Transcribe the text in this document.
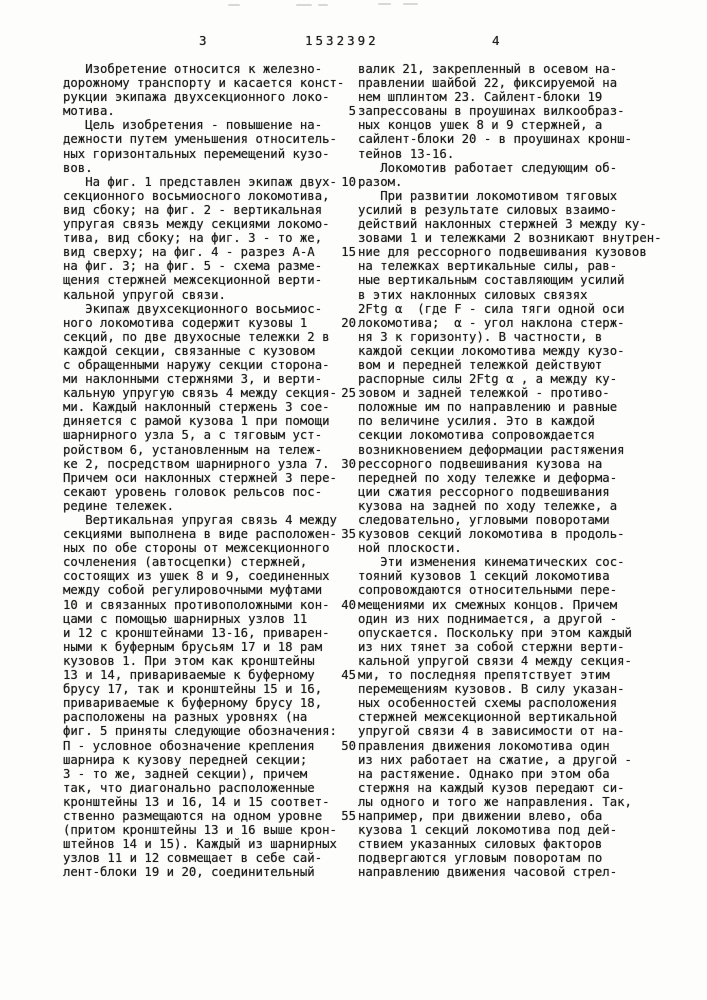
3	1532392	4
Изобретение относится к железно-
дорожному транспорту и касается конст-
рукции экипажа двухсекционного локо-
мотива.
Цель изобретения - повышение на-
дежности путем уменьшения относитель-
ных горизонтальных перемещений кузо-
вов.
На фиг. 1 представлен экипаж двух-
секционного восьмиосного локомотива,
вид сбоку; на фиг. 2 - вертикальная
упругая связь между секциями локомо-
тива, вид сбоку; на фиг. 3 - то же,
вид сверху; на фиг. 4 - разрез А-А
на фиг. 3; на фиг. 5 - схема разме-
щения стержней межсекционной верти-
кальной упругой связи.
Экипаж двухсекционного восьмиос-
ного локомотива содержит кузовы 1
секций, по две двухосные тележки 2 в
каждой секции, связанные с кузовом
с обращенными наружу секции сторона-
ми наклонными стержнями 3, и верти-
кальную упругую связь 4 между секция-
ми. Каждый наклонный стержень 3 сое-
диняется с рамой кузова 1 при помощи
шарнирного узла 5, а с тяговым уст-
ройством 6, установленным на тележ-
ке 2, посредством шарнирного узла 7.
Причем оси наклонных стержней 3 пере-
секают уровень головок рельсов пос-
редине тележек.
Вертикальная упругая связь 4 между
секциями выполнена в виде расположен-
ных по обе стороны от межсекционного
сочленения (автосцепки) стержней,
состоящих из ушек 8 и 9, соединенных
между собой регулировочными муфтами
10 и связанных противоположными кон-
цами с помощью шарнирных узлов 11
и 12 с кронштейнами 13-16, приварен-
ными к буферным брусьям 17 и 18 рам
кузовов 1. При этом как кронштейны
13 и 14, привариваемые к буферному
брусу 17, так и кронштейны 15 и 16,
привариваемые к буферному брусу 18,
расположены на разных уровнях (на
фиг. 5 приняты следующие обозначения:
П - условное обозначение крепления
шарнира к кузову передней секции;
3 - то же, задней секции), причем
так, что диагонально расположенные
кронштейны 13 и 16, 14 и 15 соответ-
ственно размещаются на одном уровне
(притом кронштейны 13 и 16 выше крон-
штейнов 14 и 15). Каждый из шарнирных
узлов 11 и 12 совмещает в себе сай-
лент-блоки 19 и 20, соединительный
валик 21, закрепленный в осевом на-
правлении шайбой 22, фиксируемой на
нем шплинтом 23. Сайлент-блоки 19
запрессованы в проушинах вилкообраз-
ных концов ушек 8 и 9 стержней, а
сайлент-блоки 20 - в проушинах кронш-
тейнов 13-16.
Локомотив работает следующим об-
разом.
При развитии локомотивом тяговых
усилий в результате силовых взаимо-
действий наклонных стержней 3 между ку-
зовами 1 и тележками 2 возникают внутрен-
ние для рессорного подвешивания кузовов
на тележках вертикальные силы, рав-
ные вертикальным составляющим усилий
в этих наклонных силовых связях
2Ftg α  (где F - сила тяги одной оси
локомотива;  α - угол наклона стерж-
ня 3 к горизонту). В частности, в
каждой секции локомотива между кузо-
вом и передней тележкой действуют
распорные силы 2Ftg α , а между ку-
зовом и задней тележкой - противо-
положные им по направлению и равные
по величине усилия. Это в каждой
секции локомотива сопровождается
возникновением деформации растяжения
рессорного подвешивания кузова на
передней по ходу тележке и деформа-
ции сжатия рессорного подвешивания
кузова на задней по ходу тележке, а
следовательно, угловыми поворотами
кузовов секций локомотива в продоль-
ной плоскости.
Эти изменения кинематических сос-
тояний кузовов 1 секций локомотива
сопровождаются относительными пере-
мещениями их смежных концов. Причем
один из них поднимается, а другой -
опускается. Поскольку при этом каждый
из них тянет за собой стержни верти-
кальной упругой связи 4 между секция-
ми, то последняя препятствует этим
перемещениям кузовов. В силу указан-
ных особенностей схемы расположения
стержней межсекционной вертикальной
упругой связи 4 в зависимости от на-
правления движения локомотива один
из них работает на сжатие, а другой -
на растяжение. Однако при этом оба
стержня на каждый кузов передают си-
лы одного и того же направления. Так,
например, при движении влево, оба
кузова 1 секций локомотива под дей-
ствием указанных силовых факторов
подвергаются угловым поворотам по
направлению движения часовой стрел-
5
10
15
20
25
30
35
40
45
50
55
